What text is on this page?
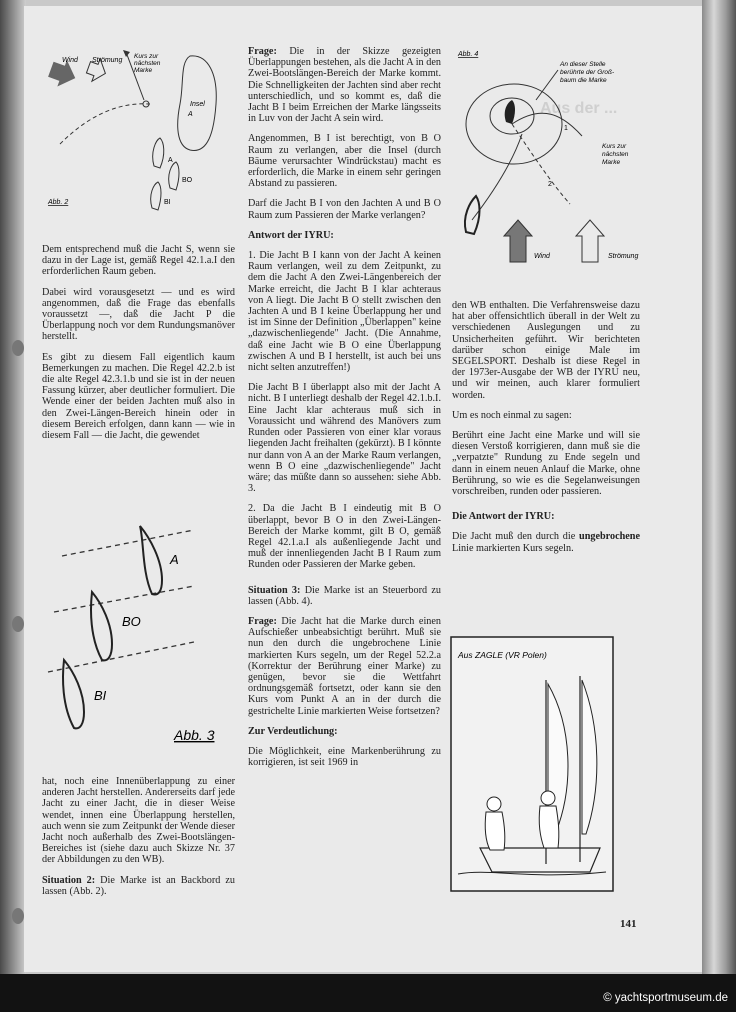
Wind Strömung
Kurs zur nächsten Marke
Insel A
A
BO
BI
Abb. 2

Dem entsprechend muß die Jacht S, wenn sie dazu in der Lage ist, gemäß Regel 42.1.a.I den erforderlichen Raum geben.

Dabei wird vorausgesetzt — und es wird angenommen, daß die Frage das ebenfalls voraussetzt —, daß die Jacht P die Überlappung noch vor dem Rundungsmanöver herstellt.

Es gibt zu diesem Fall eigentlich kaum Bemerkungen zu machen. Die Regel 42.2.b ist die alte Regel 42.3.1.b und sie ist in der neuen Fassung kürzer, aber deutlicher formuliert. Die Wende einer der beiden Jachten muß also in den Zwei-Längen-Bereich hinein oder in diesem Bereich erfolgen, dann kann — wie in diesem Fall — die Jacht, die gewendet

A
BO
BI
Abb. 3

hat, noch eine Innenüberlappung zu einer anderen Jacht herstellen. Andererseits darf jede Jacht zu einer Jacht, die in dieser Weise wendet, innen eine Überlappung herstellen, auch wenn sie zum Zeitpunkt der Wende dieser Jacht noch außerhalb des Zwei-Bootslängen-Bereiches ist (siehe dazu auch Skizze Nr. 37 der Abbildungen zu den WB).

Situation 2: Die Marke ist an Backbord zu lassen (Abb. 2).

Frage: Die in der Skizze gezeigten Überlappungen bestehen, als die Jacht A in den Zwei-Bootslängen-Bereich der Marke kommt. Die Schnelligkeiten der Jachten sind aber recht unterschiedlich, und so kommt es, daß die Jacht B I beim Erreichen der Marke längsseits in Luv von der Jacht A sein wird.

Angenommen, B I ist berechtigt, von B O Raum zu verlangen, aber die Insel (durch Bäume verursachter Windrückstau) macht es erforderlich, die Marke in einem sehr geringen Abstand zu passieren.

Darf die Jacht B I von den Jachten A und B O Raum zum Passieren der Marke verlangen?

Antwort der IYRU:

1. Die Jacht B I kann von der Jacht A keinen Raum verlangen, weil zu dem Zeitpunkt, zu dem die Jacht A den Zwei-Längenbereich der Marke erreicht, die Jacht B I klar achteraus von A liegt. Die Jacht B O stellt zwischen den Jachten A und B I keine Überlappung her und ist im Sinne der Definition „Überlappen" keine „dazwischenliegende" Jacht. (Die Annahme, daß eine Jacht wie B O eine Überlappung zwischen A und B I herstellt, ist auch bei uns nicht selten anzutreffen!)

Die Jacht B I überlappt also mit der Jacht A nicht. B I unterliegt deshalb der Regel 42.1.b.I. Eine Jacht klar achteraus muß sich in Voraussicht und während des Manövers zum Runden oder Passieren von einer klar voraus liegenden Jacht freihalten (gekürzt). B I könnte nur dann von A an der Marke Raum verlangen, wenn B O eine „dazwischenliegende" Jacht wäre; das müßte dann so aussehen: siehe Abb. 3.

2. Da die Jacht B I eindeutig mit B O überlappt, bevor B O in den Zwei-Längen-Bereich der Marke kommt, gilt B O, gemäß Regel 42.1.a.I als außenliegende Jacht und muß der innenliegenden Jacht B I Raum zum Runden oder Passieren der Marke geben.

Situation 3: Die Marke ist an Steuerbord zu lassen (Abb. 4).

Frage: Die Jacht hat die Marke durch einen Aufschießer unbeabsichtigt berührt. Muß sie nun den durch die ungebrochene Linie markierten Kurs segeln, um der Regel 52.2.a (Korrektur der Berührung einer Marke) zu genügen, bevor sie die Wettfahrt ordnungsgemäß fortsetzt, oder kann sie den Kurs vom Punkt A an in der durch die gestrichelte Linie markierten Weise fortsetzen?

Zur Verdeutlichung:

Die Möglichkeit, eine Markenberührung zu korrigieren, ist seit 1969 in

Aus der ...
Abb. 4
1
2
An dieser Stelle berührte der Groß-baum die Marke
Kurs zur nächsten Marke
Wind	Strömung

den WB enthalten. Die Verfahrensweise dazu hat aber offensichtlich überall in der Welt zu verschiedenen Auslegungen und zu Unsicherheiten geführt. Wir berichteten darüber schon einige Male im SEGELSPORT. Deshalb ist diese Regel in der 1973er-Ausgabe der WB der IYRU neu, und wir meinen, auch klarer formuliert worden.

Um es noch einmal zu sagen:

Berührt eine Jacht eine Marke und will sie diesen Verstoß korrigieren, dann muß sie die „verpatzte" Rundung zu Ende segeln und dann in einem neuen Anlauf die Marke, ohne Berührung, so wie es die Segelanweisungen vorschreiben, runden oder passieren.

Die Antwort der IYRU:

Die Jacht muß den durch die ungebrochene Linie markierten Kurs segeln.

Aus ZAGLE (VR Polen)
141
© yachtsportmuseum.de
